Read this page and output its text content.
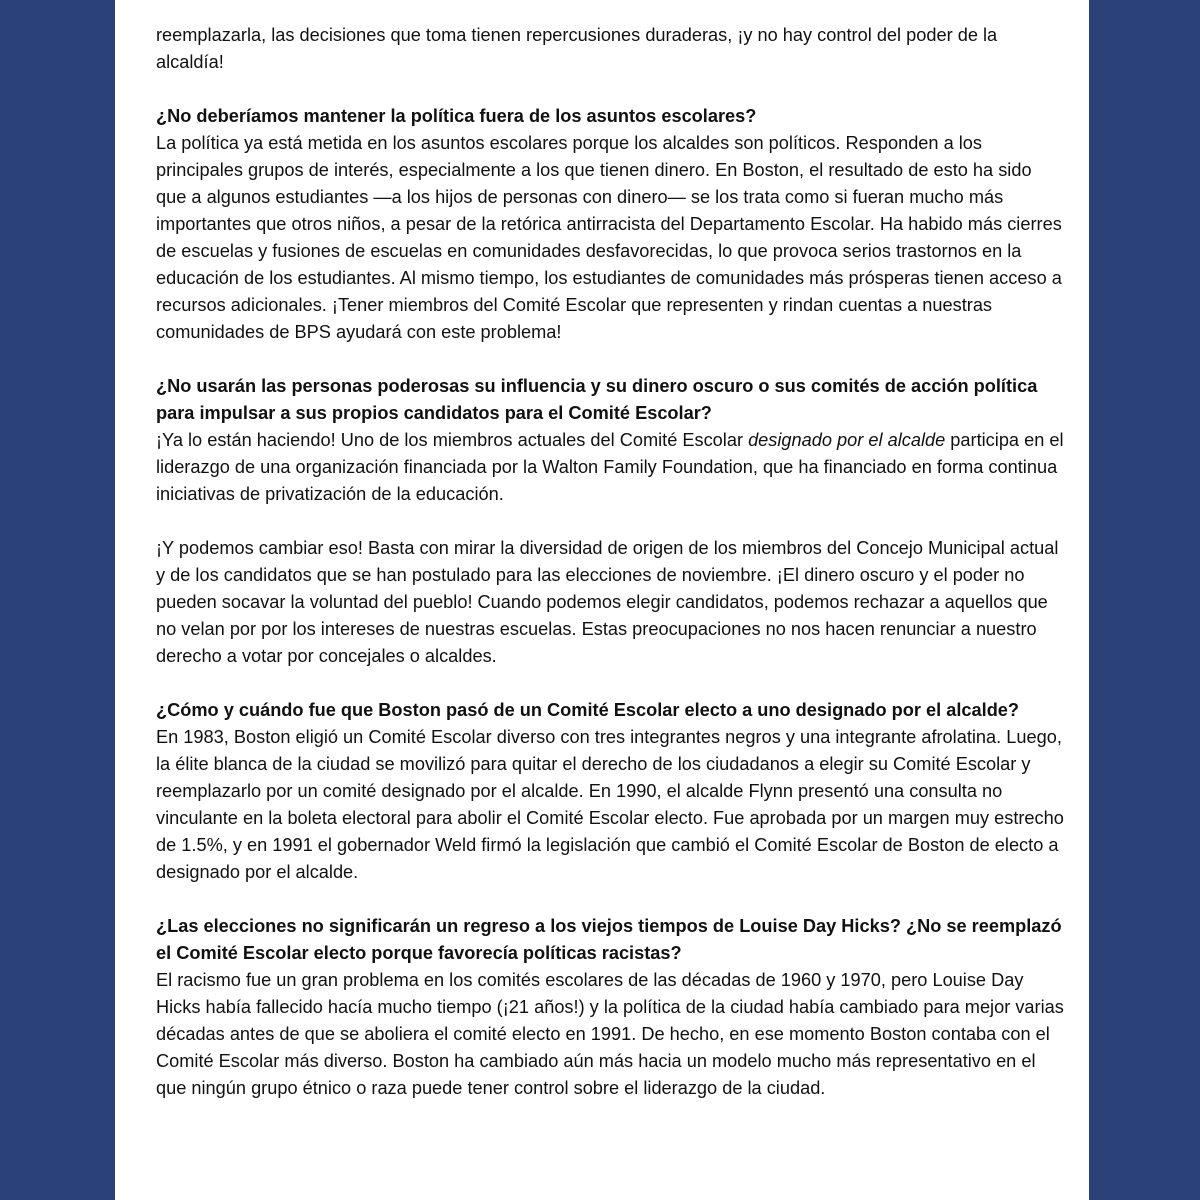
reemplazarla, las decisiones que toma tienen repercusiones duraderas, ¡y no hay control del poder de la alcaldía!

¿No deberíamos mantener la política fuera de los asuntos escolares?

La política ya está metida en los asuntos escolares porque los alcaldes son políticos. Responden a los principales grupos de interés, especialmente a los que tienen dinero. En Boston, el resultado de esto ha sido que a algunos estudiantes —a los hijos de personas con dinero— se los trata como si fueran mucho más importantes que otros niños, a pesar de la retórica antirracista del Departamento Escolar. Ha habido más cierres de escuelas y fusiones de escuelas en comunidades desfavorecidas, lo que provoca serios trastornos en la educación de los estudiantes. Al mismo tiempo, los estudiantes de comunidades más prósperas tienen acceso a recursos adicionales. ¡Tener miembros del Comité Escolar que representen y rindan cuentas a nuestras comunidades de BPS ayudará con este problema!

¿No usarán las personas poderosas su influencia y su dinero oscuro o sus comités de acción política para impulsar a sus propios candidatos para el Comité Escolar?

¡Ya lo están haciendo! Uno de los miembros actuales del Comité Escolar designado por el alcalde participa en el liderazgo de una organización financiada por la Walton Family Foundation, que ha financiado en forma continua iniciativas de privatización de la educación.

¡Y podemos cambiar eso! Basta con mirar la diversidad de origen de los miembros del Concejo Municipal actual y de los candidatos que se han postulado para las elecciones de noviembre. ¡El dinero oscuro y el poder no pueden socavar la voluntad del pueblo! Cuando podemos elegir candidatos, podemos rechazar a aquellos que no velan por por los intereses de nuestras escuelas. Estas preocupaciones no nos hacen renunciar a nuestro derecho a votar por concejales o alcaldes.

¿Cómo y cuándo fue que Boston pasó de un Comité Escolar electo a uno designado por el alcalde?

En 1983, Boston eligió un Comité Escolar diverso con tres integrantes negros y una integrante afrolatina. Luego, la élite blanca de la ciudad se movilizó para quitar el derecho de los ciudadanos a elegir su Comité Escolar y reemplazarlo por un comité designado por el alcalde. En 1990, el alcalde Flynn presentó una consulta no vinculante en la boleta electoral para abolir el Comité Escolar electo. Fue aprobada por un margen muy estrecho de 1.5%, y en 1991 el gobernador Weld firmó la legislación que cambió el Comité Escolar de Boston de electo a designado por el alcalde.

¿Las elecciones no significarán un regreso a los viejos tiempos de Louise Day Hicks? ¿No se reemplazó el Comité Escolar electo porque favorecía políticas racistas?

El racismo fue un gran problema en los comités escolares de las décadas de 1960 y 1970, pero Louise Day Hicks había fallecido hacía mucho tiempo (¡21 años!) y la política de la ciudad había cambiado para mejor varias décadas antes de que se aboliera el comité electo en 1991. De hecho, en ese momento Boston contaba con el Comité Escolar más diverso. Boston ha cambiado aún más hacia un modelo mucho más representativo en el que ningún grupo étnico o raza puede tener control sobre el liderazgo de la ciudad.
